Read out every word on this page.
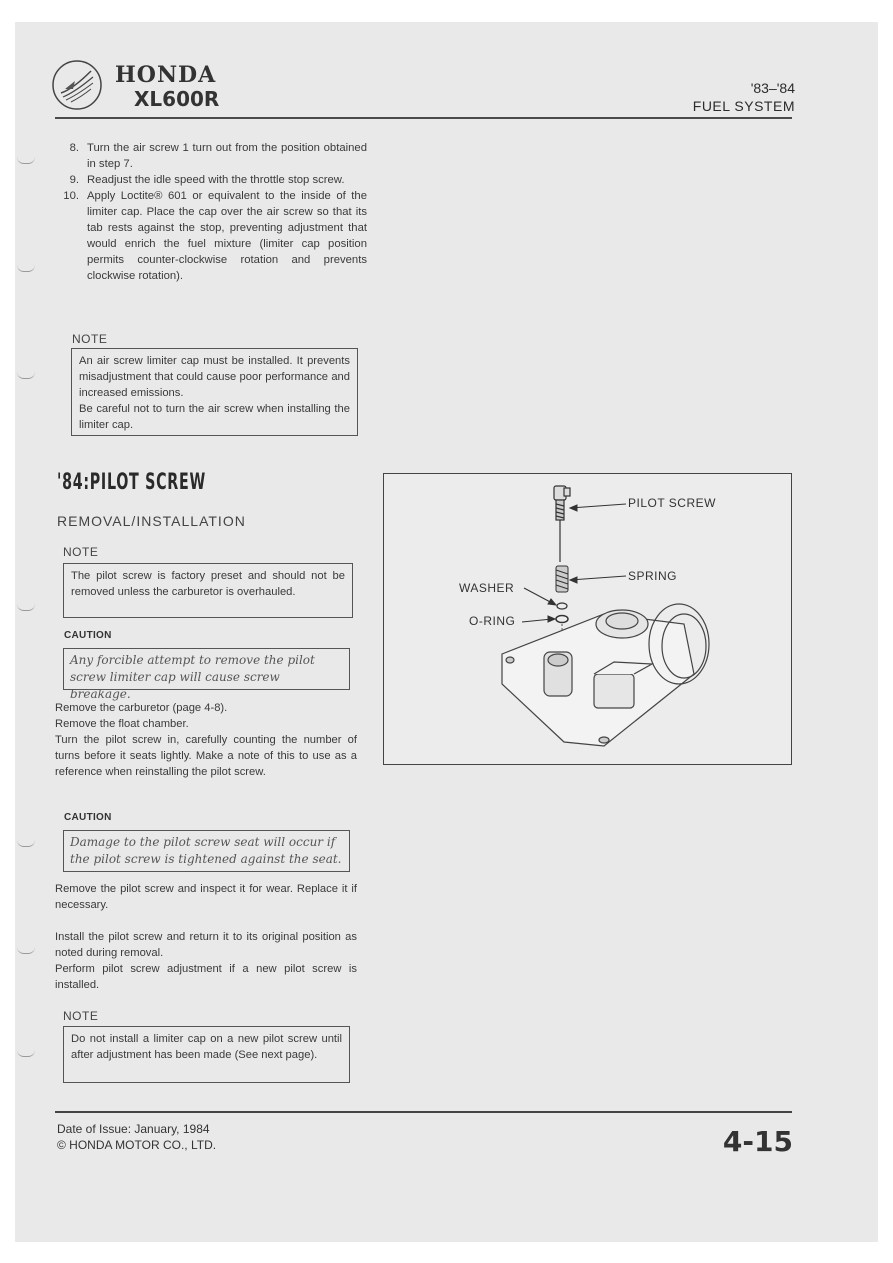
HONDA
XL600R	'83–'84
FUEL SYSTEM
8. Turn the air screw 1 turn out from the position obtained in step 7.
9. Readjust the idle speed with the throttle stop screw.
10. Apply Loctite® 601 or equivalent to the inside of the limiter cap. Place the cap over the air screw so that its tab rests against the stop, preventing adjustment that would enrich the fuel mixture (limiter cap position permits counter-clockwise rotation and prevents clockwise rotation).
NOTE
An air screw limiter cap must be installed. It prevents misadjustment that could cause poor performance and increased emissions.
Be careful not to turn the air screw when installing the limiter cap.
'84:PILOT SCREW
REMOVAL/INSTALLATION
NOTE
The pilot screw is factory preset and should not be removed unless the carburetor is overhauled.
CAUTION
Any forcible attempt to remove the pilot screw limiter cap will cause screw breakage.

Remove the carburetor (page 4-8).

Remove the float chamber.

Turn the pilot screw in, carefully counting the number of turns before it seats lightly. Make a note of this to use as a reference when reinstalling the pilot screw.

CAUTION
Damage to the pilot screw seat will occur if the pilot screw is tightened against the seat.

Remove the pilot screw and inspect it for wear. Replace it if necessary.

Install the pilot screw and return it to its original position as noted during removal.

Perform pilot screw adjustment if a new pilot screw is installed.

NOTE
Do not install a limiter cap on a new pilot screw until after adjustment has been made (See next page).
PILOT SCREW
SPRING
WASHER
O-RING
Date of Issue: January, 1984
© HONDA MOTOR CO., LTD.	4-15
